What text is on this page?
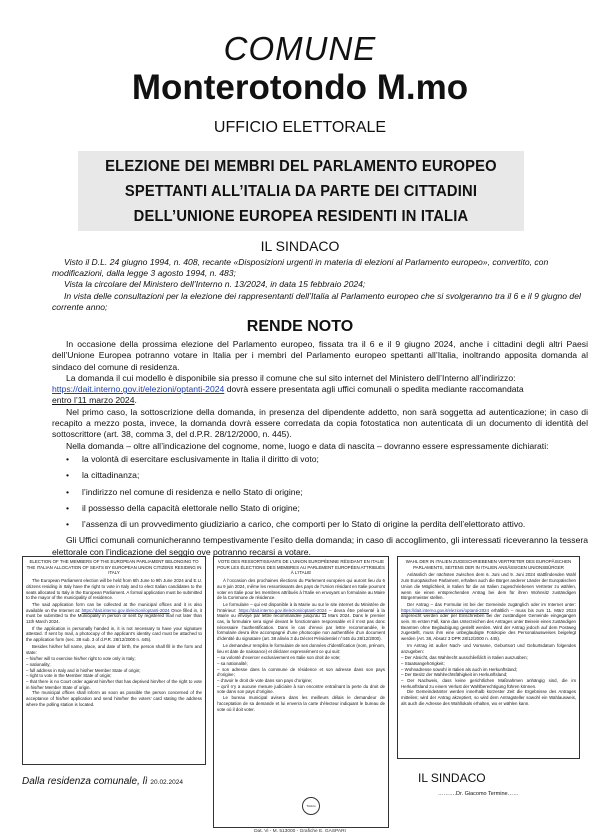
COMUNE
Monterotondo M.mo
UFFICIO ELETTORALE
ELEZIONE DEI MEMBRI DEL PARLAMENTO EUROPEO
SPETTANTI ALL’ITALIA DA PARTE DEI CITTADINI
DELL’UNIONE EUROPEA RESIDENTI IN ITALIA
IL SINDACO

Visto il D.L. 24 giugno 1994, n. 408, recante «Disposizioni urgenti in materia di elezioni al Parlamento europeo», convertito, con modificazioni, dalla legge 3 agosto 1994, n. 483;

Vista la circolare del Ministero dell’Interno n. 13/2024, in data 15 febbraio 2024;

In vista delle consultazioni per la elezione dei rappresentanti dell’Italia al Parlamento europeo che si svolgeranno tra il 6 e il 9 giugno del corrente anno;

RENDE NOTO

In occasione della prossima elezione del Parlamento europeo, fissata tra il 6 e il 9 giugno 2024, anche i cittadini degli altri Paesi dell’Unione Europea potranno votare in Italia per i membri del Parlamento europeo spettanti all’Italia, inoltrando apposita domanda al sindaco del comune di residenza.

La domanda il cui modello è disponibile sia presso il comune che sul sito internet del Ministero dell’Interno all’indirizzo:
https://dait.interno.gov.it/elezioni/optanti-2024 dovrà essere presentata agli uffici comunali o spedita mediante raccomandata
entro l’11 marzo 2024.

Nel primo caso, la sottoscrizione della domanda, in presenza del dipendente addetto, non sarà soggetta ad autenticazione; in caso di recapito a mezzo posta, invece, la domanda dovrà essere corredata da copia fotostatica non autenticata di un documento di identità del sottoscrittore (art. 38, comma 3, del d.P.R. 28/12/2000, n. 445).

Nella domanda – oltre all’indicazione del cognome, nome, luogo e data di nascita – dovranno essere espressamente dichiarati:

• la volontà di esercitare esclusivamente in Italia il diritto di voto;
• la cittadinanza;
• l’indirizzo nel comune di residenza e nello Stato di origine;
• il possesso della capacità elettorale nello Stato di origine;
• l’assenza di un provvedimento giudiziario a carico, che comporti per lo Stato di origine la perdita dell’elettorato attivo.

Gli Uffici comunali comunicheranno tempestivamente l’esito della domanda; in caso di accoglimento, gli interessati riceveranno la tessera elettorale con l’indicazione del seggio ove potranno recarsi a votare.

ELECTION OF THE MEMBERS OF THE EUROPEAN PARLIAMENT BELONGING TO THE ITALIAN ALLOCATION OF SEATS BY EUROPEAN UNION CITIZENS RESIDING IN ITALY

The European Parliament election will be held from 6th June to 9th June 2024 and E.U. citizens residing in Italy have the right to vote in Italy and to elect Italian candidates to the seats allocated to Italy in the European Parliament. A formal application must be submitted to the mayor of the municipality of residence.

The said application form can be collected at the municipal offices and it is also available on the Internet at: https://dait.interno.gov.it/elezioni/optanti-2024 Once filled in, it must be submitted to the Municipality in person or sent by registered mail not later than 11th March 2024.

If the application is personally handed in, it is not necessary to have your signature attested. If sent by mail, a photocopy of the applicant’s identity card must be attached to the application form (sec. 38 sub. 3 of d.P.R. 28/12/2000 n. 445).

Besides his/her full name, place, and date of birth, the person shall fill in the form and state:

– his/her will to exercise his/her right to vote only in Italy;
– nationality;
– full address in Italy and in his/her Member State of origin;
– right to vote in the Member State of origin;
– that there is no Court order against him/her that has deprived him/her of the right to vote in his/her Member State of origin.

The municipal offices shall inform as soon as possible the person concerned of the acceptance of his/her application and send him/her the voters’ card stating the address where the polling station is located.

VOTE DES RESSORTISSANTS DE L’UNION EUROPÉENNE RÉSIDANT EN ITALIE POUR LES ÉLECTIONS DES MEMBRES AU PARLEMENT EUROPÉEN ATTRIBUÉS À L’ITALIE

À l’occasion des prochaines élections du Parlement européen qui auront lieu du 6 au 9 juin 2024, même les ressortissants des pays de l’Union résidant en Italie pourront voter en Italie pour les membres attribués à l’Italie en envoyant un formulaire au Maire de la Commune de résidence.

Le formulaire – qui est disponible à la Mairie ou sur le site internet du Ministère de l’Intérieur: https://dait.interno.gov.it/elezioni/optanti-2024 – devra être présenté à la Mairie ou envoyé par lettre recommandée jusqu’au 11 Mars 2024. Dans le premier cas, la formulaire sera signé devant le fonctionnaire responsable et il n’est pas donc nécessaire l’authentification. Dans le cas d’envoi par lettre recommandée, le formulaire devra être accompagné d’une photocopie non authentifiée d’un document d’identité du signataire (art. 38 alinéa 3 du Décret Présidentiel n°445 du 28/12/2000).

Le demandeur remplira le formulaire de ses données d’identification (nom, prénom, lieu et date de naissance) et déclarer expressément ce qui suit:

– sa volonté d’exercer exclusivement en Italie son droit de vote;
– sa nationalité;
– son adresse dans la commune de résidence et son adresse dans son pays d’origine;
– d’avoir le droit de vote dans son pays d’origine;
– qu’il n’y a aucune mesure judiciaire à son encontre entraînant la perte du droit de vote dans son pays d’origine.

Le bureau municipal avisera dans les meilleurs délais le demandeur de l’acceptation de sa demande et lui enverra la carte d’électeur indiquant le bureau de vote où il doit voter.

WAHL DER IN ITALIEN ZUGESCHRIEBENEN VERTRETER DES EUROPÄISCHEN PARLAMENTS, SEITENS DER IN ITALIEN ANSÄSSIGEN UNIONSBÜRGER

Anlässlich der nächsten zwischen dem 6. Juni und 9. Juni 2024 stattfindenden Wahl zum Europäischen Parlament, erhalten auch die Bürger anderer Länder der Europäischen Union die Möglichkeit, in Italien für die an Italien zugeschriebenen Vertreter zu wählen, wenn sie einen entsprechenden Antrag bei dem für ihren Wohnsitz zuständigen Bürgermeister stellen.

Der Antrag – das Formular ist bei der Gemeinde zugänglich oder im Internet unter: https://dait.interno.gov.it/elezioni/optanti-2024 erhältlich – muss bis zum 11. März 2024 angereicht werden oder per Einschreiben bei der zuständigen Gemeinde eingegangen sein. Im ersten Fall, kann das Unterzeichen des Antrages unter Beisein eines zuständigen Beamten ohne Beglaubigung gestellt werden. Wird der Antrag jedoch auf dem Postweg zugestellt, muss ihm eine unbeglaubigte Fotokopie des Personalausweises beigelegt werden (Art. 38, Absatz 3 DPR 28/12/2000 n. 445).

Im Antrag ist außer Nach- und Vorname, Geburtsort und Geburtsdatum folgendes anzugeben:

– Der Absicht, das Wahlrecht ausschließlich in Italien auszuüben;
– Staatsangehörigkeit;
– Wohnadresse sowohl in Italien als auch im Herkunftsland;
– Der Besitz der Wahlrechtsfähigkeit im Herkunftsland;
– Der Nachweis, dass keine gerichtlichen Maßnahmen anhängig sind, die im Herkunftsland zu einem Verlust der Wahlberechtigung führen können.

Die Gemeindeämter werden innerhalb kürzester Zeit die Ergebnisse des Antrages mitteilen; wird der Antrag akzeptiert, so wird dem Antragsteller sowohl ein Wahlausweis, als auch die Adresse des Wahllokals erhalten, wo er wählen kann.

Dalla residenza comunale, lì 20.02.2024	IL SINDACO
……….Dr. Giacomo Termine……
Timbro
Dat. Vi - M. 513000 - Grafiche E. GASPARI
